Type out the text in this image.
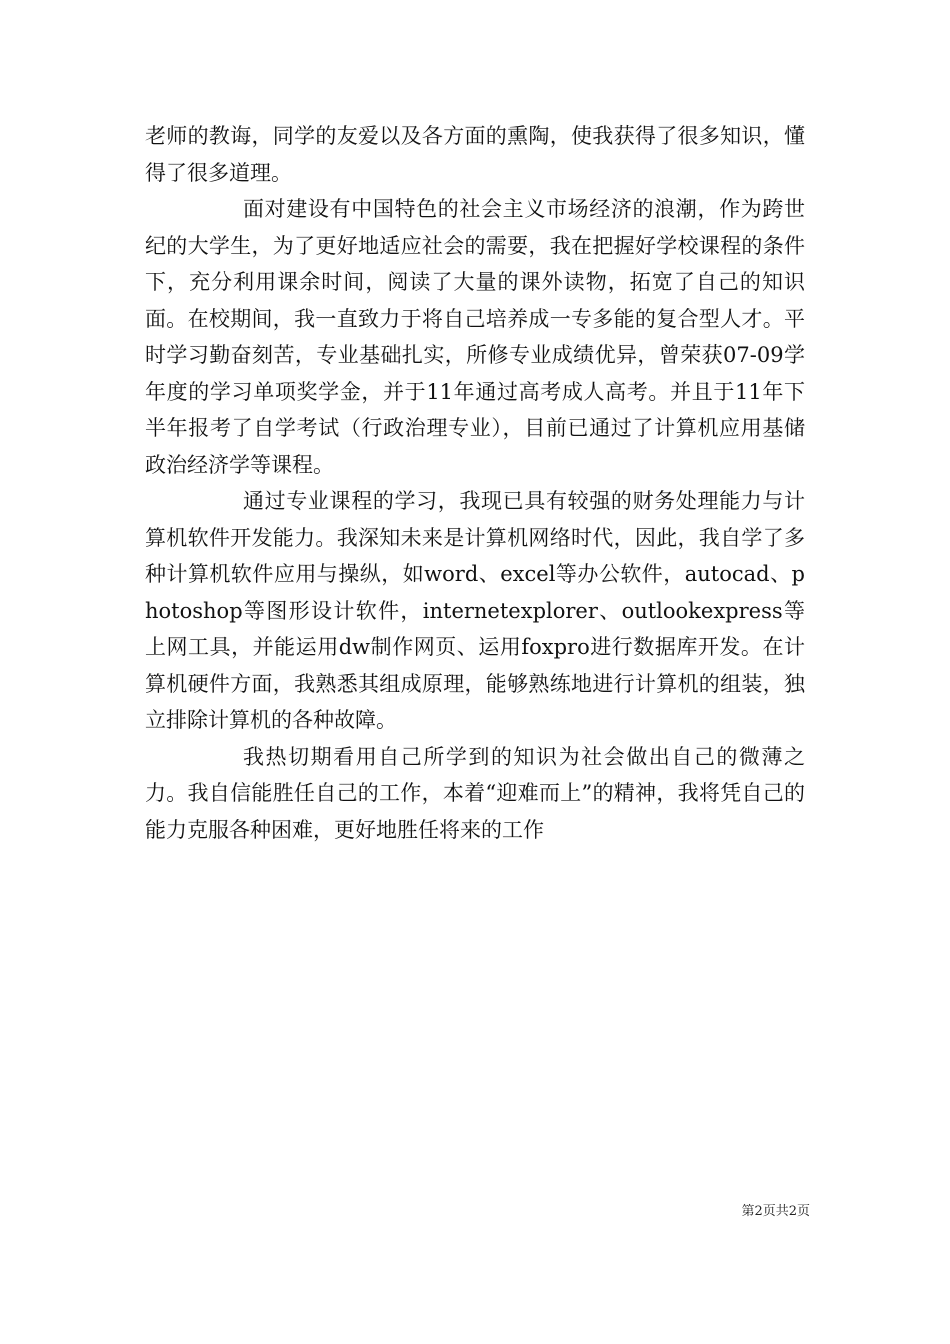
老师的教诲，同学的友爱以及各方面的熏陶，使我获得了很多知识，懂得了很多道理。

面对建设有中国特色的社会主义市场经济的浪潮，作为跨世纪的大学生，为了更好地适应社会的需要，我在把握好学校课程的条件下，充分利用课余时间，阅读了大量的课外读物，拓宽了自己的知识面。在校期间，我一直致力于将自己培养成一专多能的复合型人才。平时学习勤奋刻苦，专业基础扎实，所修专业成绩优异，曾荣获07-09学年度的学习单项奖学金，并于11年通过高考成人高考。并且于11年下半年报考了自学考试（行政治理专业），目前已通过了计算机应用基储政治经济学等课程。

通过专业课程的学习，我现已具有较强的财务处理能力与计算机软件开发能力。我深知未来是计算机网络时代，因此，我自学了多种计算机软件应用与操纵，如word、excel等办公软件，autocad、photoshop等图形设计软件，internetexplorer、outlookexpress等上网工具，并能运用dw制作网页、运用foxpro进行数据库开发。在计算机硬件方面，我熟悉其组成原理，能够熟练地进行计算机的组装，独立排除计算机的各种故障。

我热切期看用自己所学到的知识为社会做出自己的微薄之力。我自信能胜任自己的工作，本着“迎难而上”的精神，我将凭自己的能力克服各种困难，更好地胜任将来的工作

第2页共2页
